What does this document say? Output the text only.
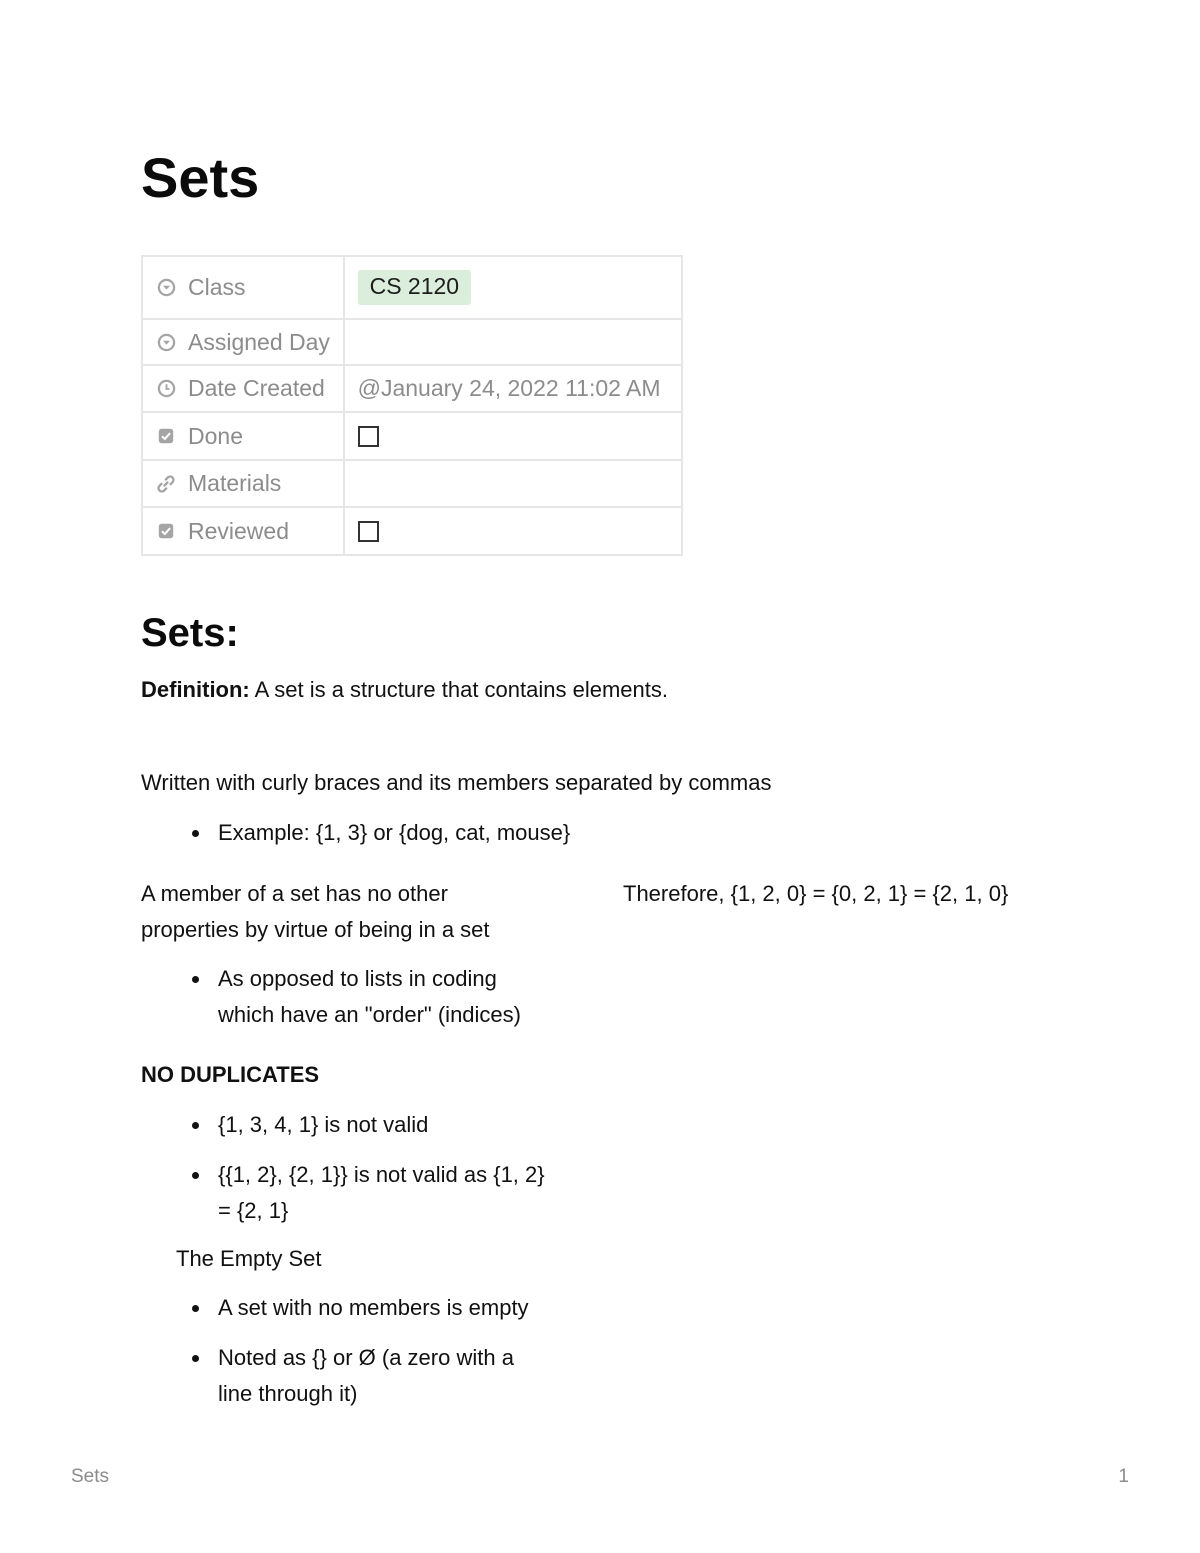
Sets
Class	CS 2120

Assigned Day	

Date Created	@January 24, 2022 11:02 AM

Done	

Materials	

Reviewed	

Sets:

Definition: A set is a structure that contains elements.

Written with curly braces and its members separated by commas

Example: {1, 3} or {dog, cat, mouse}

A member of a set has no other
properties by virtue of being in a set

Therefore, {1, 2, 0} = {0, 2, 1} = {2, 1, 0}

As opposed to lists in coding
which have an "order" (indices)

NO DUPLICATES

{1, 3, 4, 1} is not valid
{{1, 2}, {2, 1}} is not valid as {1, 2}
= {2, 1}

The Empty Set

A set with no members is empty
Noted as {} or Ø (a zero with a
line through it)
Sets	1
